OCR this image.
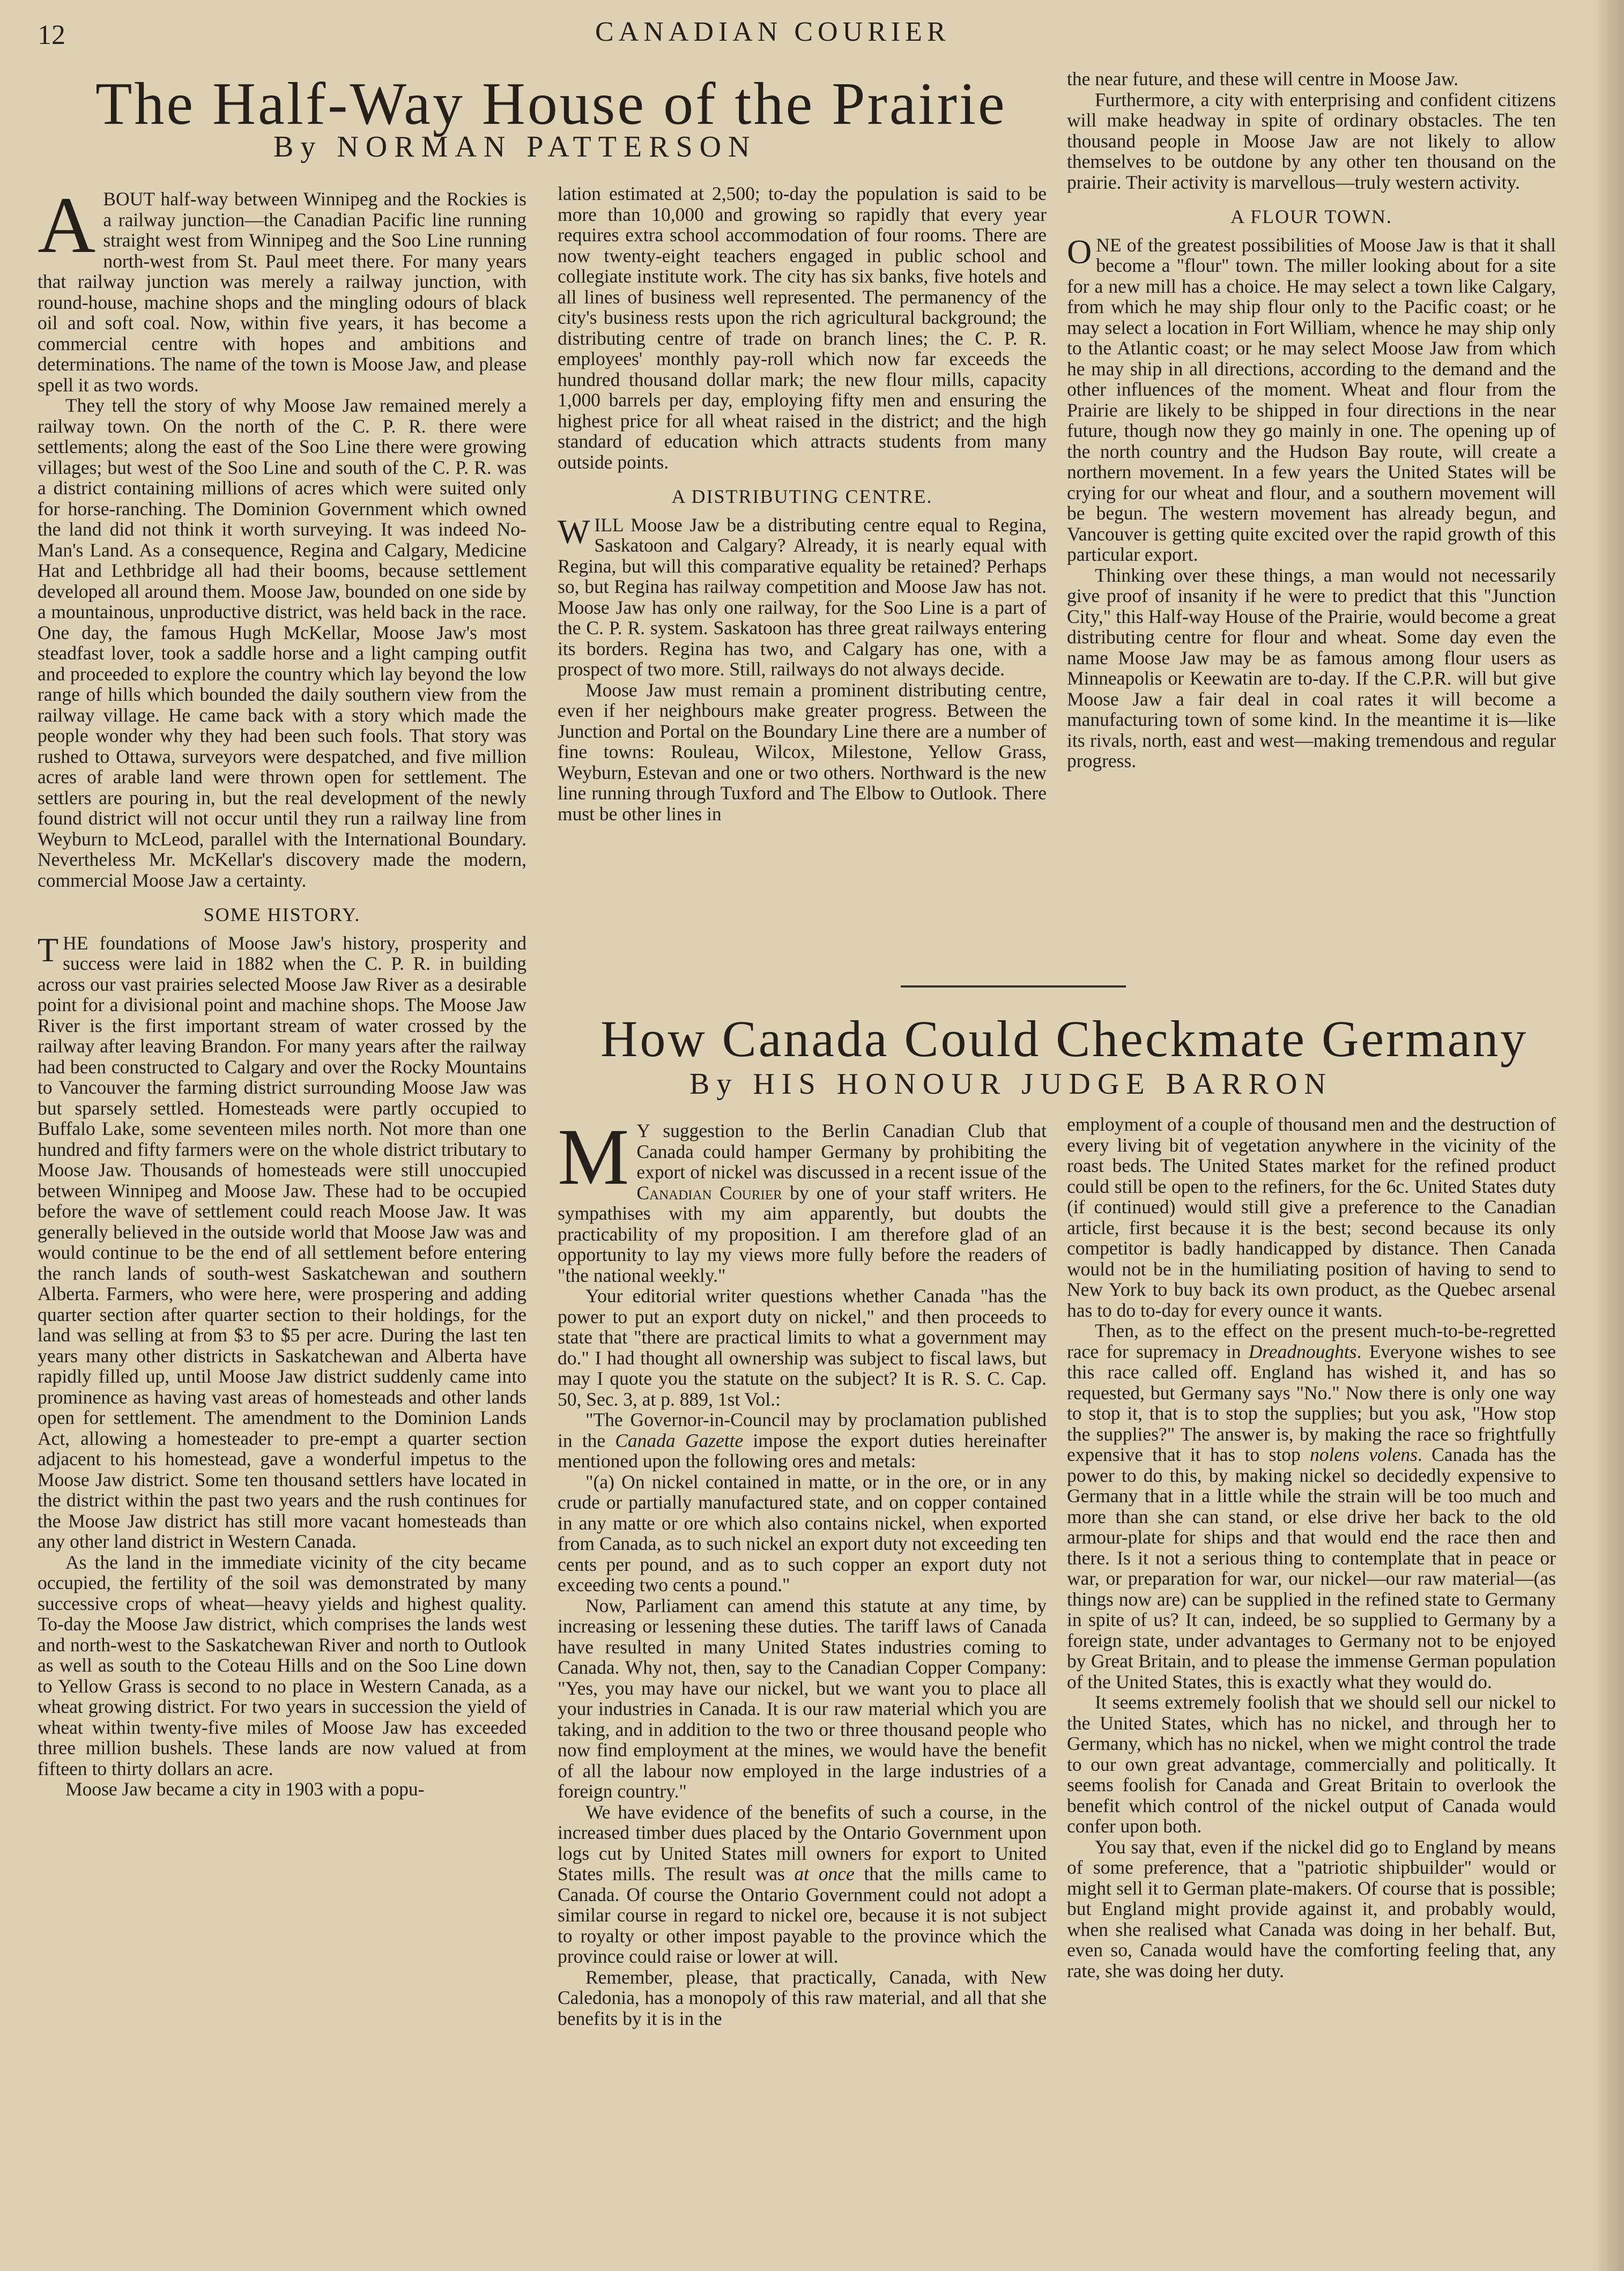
12	CANADIAN COURIER
The Half-Way House of the Prairie
By NORMAN PATTERSON

ABOUT half-way between Winnipeg and the Rockies is a railway junction—the Canadian Pacific line running straight west from Winnipeg and the Soo Line running north-west from St. Paul meet there. For many years that railway junction was merely a railway junction, with round-house, machine shops and the mingling odours of black oil and soft coal. Now, within five years, it has become a commercial centre with hopes and ambitions and determinations. The name of the town is Moose Jaw, and please spell it as two words.

They tell the story of why Moose Jaw remained merely a railway town. On the north of the C. P. R. there were settlements; along the east of the Soo Line there were growing villages; but west of the Soo Line and south of the C. P. R. was a district containing millions of acres which were suited only for horse-ranching. The Dominion Government which owned the land did not think it worth surveying. It was indeed No-Man's Land. As a consequence, Regina and Calgary, Medicine Hat and Lethbridge all had their booms, because settlement developed all around them. Moose Jaw, bounded on one side by a mountainous, unproductive district, was held back in the race. One day, the famous Hugh McKellar, Moose Jaw's most steadfast lover, took a saddle horse and a light camping outfit and proceeded to explore the country which lay beyond the low range of hills which bounded the daily southern view from the railway village. He came back with a story which made the people wonder why they had been such fools. That story was rushed to Ottawa, surveyors were despatched, and five million acres of arable land were thrown open for settlement. The settlers are pouring in, but the real development of the newly found district will not occur until they run a railway line from Weyburn to McLeod, parallel with the International Boundary. Nevertheless Mr. McKellar's discovery made the modern, commercial Moose Jaw a certainty.

SOME HISTORY.

THE foundations of Moose Jaw's history, prosperity and success were laid in 1882 when the C. P. R. in building across our vast prairies selected Moose Jaw River as a desirable point for a divisional point and machine shops. The Moose Jaw River is the first important stream of water crossed by the railway after leaving Brandon. For many years after the railway had been constructed to Calgary and over the Rocky Mountains to Vancouver the farming district surrounding Moose Jaw was but sparsely settled. Homesteads were partly occupied to Buffalo Lake, some seventeen miles north. Not more than one hundred and fifty farmers were on the whole district tributary to Moose Jaw. Thousands of homesteads were still unoccupied between Winnipeg and Moose Jaw. These had to be occupied before the wave of settlement could reach Moose Jaw. It was generally believed in the outside world that Moose Jaw was and would continue to be the end of all settlement before entering the ranch lands of south-west Saskatchewan and southern Alberta. Farmers, who were here, were prospering and adding quarter section after quarter section to their holdings, for the land was selling at from $3 to $5 per acre. During the last ten years many other districts in Saskatchewan and Alberta have rapidly filled up, until Moose Jaw district suddenly came into prominence as having vast areas of homesteads and other lands open for settlement. The amendment to the Dominion Lands Act, allowing a homesteader to pre-empt a quarter section adjacent to his homestead, gave a wonderful impetus to the Moose Jaw district. Some ten thousand settlers have located in the district within the past two years and the rush continues for the Moose Jaw district has still more vacant homesteads than any other land district in Western Canada.

As the land in the immediate vicinity of the city became occupied, the fertility of the soil was demonstrated by many successive crops of wheat—heavy yields and highest quality. To-day the Moose Jaw district, which comprises the lands west and north-west to the Saskatchewan River and north to Outlook as well as south to the Coteau Hills and on the Soo Line down to Yellow Grass is second to no place in Western Canada, as a wheat growing district. For two years in succession the yield of wheat within twenty-five miles of Moose Jaw has exceeded three million bushels. These lands are now valued at from fifteen to thirty dollars an acre.

Moose Jaw became a city in 1903 with a popu-

lation estimated at 2,500; to-day the population is said to be more than 10,000 and growing so rapidly that every year requires extra school accommodation of four rooms. There are now twenty-eight teachers engaged in public school and collegiate institute work. The city has six banks, five hotels and all lines of business well represented. The permanency of the city's business rests upon the rich agricultural background; the distributing centre of trade on branch lines; the C. P. R. employees' monthly pay-roll which now far exceeds the hundred thousand dollar mark; the new flour mills, capacity 1,000 barrels per day, employing fifty men and ensuring the highest price for all wheat raised in the district; and the high standard of education which attracts students from many outside points.

A DISTRIBUTING CENTRE.

WILL Moose Jaw be a distributing centre equal to Regina, Saskatoon and Calgary? Already, it is nearly equal with Regina, but will this comparative equality be retained? Perhaps so, but Regina has railway competition and Moose Jaw has not. Moose Jaw has only one railway, for the Soo Line is a part of the C. P. R. system. Saskatoon has three great railways entering its borders. Regina has two, and Calgary has one, with a prospect of two more. Still, railways do not always decide.

Moose Jaw must remain a prominent distributing centre, even if her neighbours make greater progress. Between the Junction and Portal on the Boundary Line there are a number of fine towns: Rouleau, Wilcox, Milestone, Yellow Grass, Weyburn, Estevan and one or two others. Northward is the new line running through Tuxford and The Elbow to Outlook. There must be other lines in

the near future, and these will centre in Moose Jaw.

Furthermore, a city with enterprising and confident citizens will make headway in spite of ordinary obstacles. The ten thousand people in Moose Jaw are not likely to allow themselves to be outdone by any other ten thousand on the prairie. Their activity is marvellous—truly western activity.

A FLOUR TOWN.

ONE of the greatest possibilities of Moose Jaw is that it shall become a "flour" town. The miller looking about for a site for a new mill has a choice. He may select a town like Calgary, from which he may ship flour only to the Pacific coast; or he may select a location in Fort William, whence he may ship only to the Atlantic coast; or he may select Moose Jaw from which he may ship in all directions, according to the demand and the other influences of the moment. Wheat and flour from the Prairie are likely to be shipped in four directions in the near future, though now they go mainly in one. The opening up of the north country and the Hudson Bay route, will create a northern movement. In a few years the United States will be crying for our wheat and flour, and a southern movement will be begun. The western movement has already begun, and Vancouver is getting quite excited over the rapid growth of this particular export.

Thinking over these things, a man would not necessarily give proof of insanity if he were to predict that this "Junction City," this Half-way House of the Prairie, would become a great distributing centre for flour and wheat. Some day even the name Moose Jaw may be as famous among flour users as Minneapolis or Keewatin are to-day. If the C.P.R. will but give Moose Jaw a fair deal in coal rates it will become a manufacturing town of some kind. In the meantime it is—like its rivals, north, east and west—making tremendous and regular progress.

How Canada Could Checkmate Germany
By HIS HONOUR JUDGE BARRON

M Y suggestion to the Berlin Canadian Club that Canada could hamper Germany by prohibiting the export of nickel was discussed in a recent issue of the Canadian Courier by one of your staff writers. He sympathises with my aim apparently, but doubts the practicability of my proposition. I am therefore glad of an opportunity to lay my views more fully before the readers of "the national weekly."

Your editorial writer questions whether Canada "has the power to put an export duty on nickel," and then proceeds to state that "there are practical limits to what a government may do." I had thought all ownership was subject to fiscal laws, but may I quote you the statute on the subject? It is R. S. C. Cap. 50, Sec. 3, at p. 889, 1st Vol.:

"The Governor-in-Council may by proclamation published in the Canada Gazette impose the export duties hereinafter mentioned upon the following ores and metals:

"(a) On nickel contained in matte, or in the ore, or in any crude or partially manufactured state, and on copper contained in any matte or ore which also contains nickel, when exported from Canada, as to such nickel an export duty not exceeding ten cents per pound, and as to such copper an export duty not exceeding two cents a pound."

Now, Parliament can amend this statute at any time, by increasing or lessening these duties. The tariff laws of Canada have resulted in many United States industries coming to Canada. Why not, then, say to the Canadian Copper Company: "Yes, you may have our nickel, but we want you to place all your industries in Canada. It is our raw material which you are taking, and in addition to the two or three thousand people who now find employment at the mines, we would have the benefit of all the labour now employed in the large industries of a foreign country."

We have evidence of the benefits of such a course, in the increased timber dues placed by the Ontario Government upon logs cut by United States mill owners for export to United States mills. The result was at once that the mills came to Canada. Of course the Ontario Government could not adopt a similar course in regard to nickel ore, because it is not subject to royalty or other impost payable to the province which the province could raise or lower at will.

Remember, please, that practically, Canada, with New Caledonia, has a monopoly of this raw material, and all that she benefits by it is in the

employment of a couple of thousand men and the destruction of every living bit of vegetation anywhere in the vicinity of the roast beds. The United States market for the refined product could still be open to the refiners, for the 6c. United States duty (if continued) would still give a preference to the Canadian article, first because it is the best; second because its only competitor is badly handicapped by distance. Then Canada would not be in the humiliating position of having to send to New York to buy back its own product, as the Quebec arsenal has to do to-day for every ounce it wants.

Then, as to the effect on the present much-to-be-regretted race for supremacy in Dreadnoughts. Everyone wishes to see this race called off. England has wished it, and has so requested, but Germany says "No." Now there is only one way to stop it, that is to stop the supplies; but you ask, "How stop the supplies?" The answer is, by making the race so frightfully expensive that it has to stop nolens volens. Canada has the power to do this, by making nickel so decidedly expensive to Germany that in a little while the strain will be too much and more than she can stand, or else drive her back to the old armour-plate for ships and that would end the race then and there. Is it not a serious thing to contemplate that in peace or war, or preparation for war, our nickel—our raw material—(as things now are) can be supplied in the refined state to Germany in spite of us? It can, indeed, be so supplied to Germany by a foreign state, under advantages to Germany not to be enjoyed by Great Britain, and to please the immense German population of the United States, this is exactly what they would do.

It seems extremely foolish that we should sell our nickel to the United States, which has no nickel, and through her to Germany, which has no nickel, when we might control the trade to our own great advantage, commercially and politically. It seems foolish for Canada and Great Britain to overlook the benefit which control of the nickel output of Canada would confer upon both.

You say that, even if the nickel did go to England by means of some preference, that a "patriotic shipbuilder" would or might sell it to German plate-makers. Of course that is possible; but England might provide against it, and probably would, when she realised what Canada was doing in her behalf. But, even so, Canada would have the comforting feeling that, any rate, she was doing her duty.
